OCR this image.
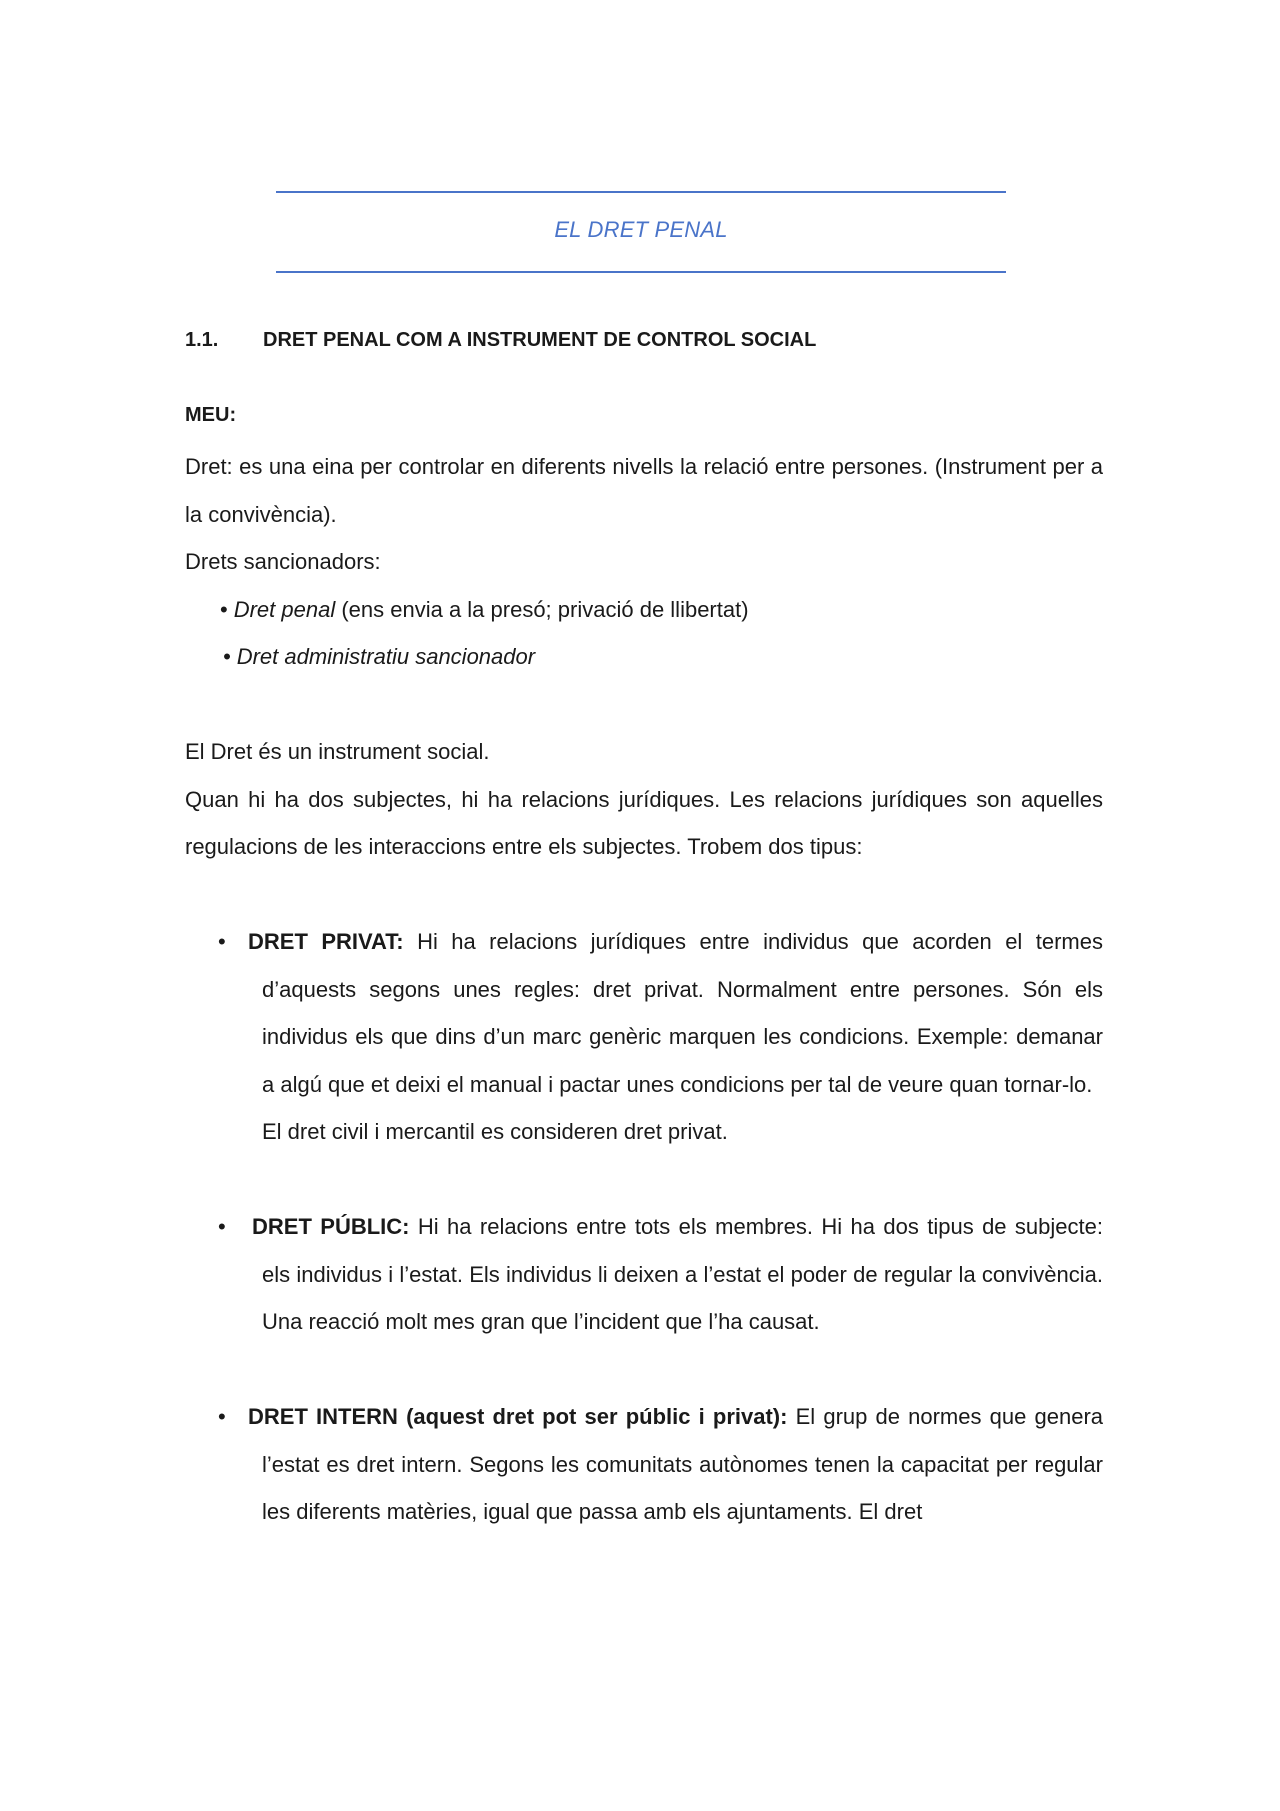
EL DRET PENAL
1.1. DRET PENAL COM A INSTRUMENT DE CONTROL SOCIAL
MEU:

Dret: es una eina per controlar en diferents nivells la relació entre persones. (Instrument per a la convivència).

Drets sancionadors:
• Dret penal (ens envia a la presó; privació de llibertat)
• Dret administratiu sancionador
El Dret és un instrument social.

Quan hi ha dos subjectes, hi ha relacions jurídiques. Les relacions jurídiques son aquelles regulacions de les interaccions entre els subjectes. Trobem dos tipus:

• DRET PRIVAT: Hi ha relacions jurídiques entre individus que acorden el termes d’aquests segons unes regles: dret privat. Normalment entre persones. Són els individus els que dins d’un marc genèric marquen les condicions. Exemple: demanar a algú que et deixi el manual i pactar unes condicions per tal de veure quan tornar-lo.
El dret civil i mercantil es consideren dret privat.
• DRET PÚBLIC: Hi ha relacions entre tots els membres. Hi ha dos tipus de subjecte: els individus i l’estat. Els individus li deixen a l’estat el poder de regular la convivència. Una reacció molt mes gran que l’incident que l’ha causat.
• DRET INTERN (aquest dret pot ser públic i privat): El grup de normes que genera l’estat es dret intern. Segons les comunitats autònomes tenen la capacitat per regular les diferents matèries, igual que passa amb els ajuntaments. El dret
